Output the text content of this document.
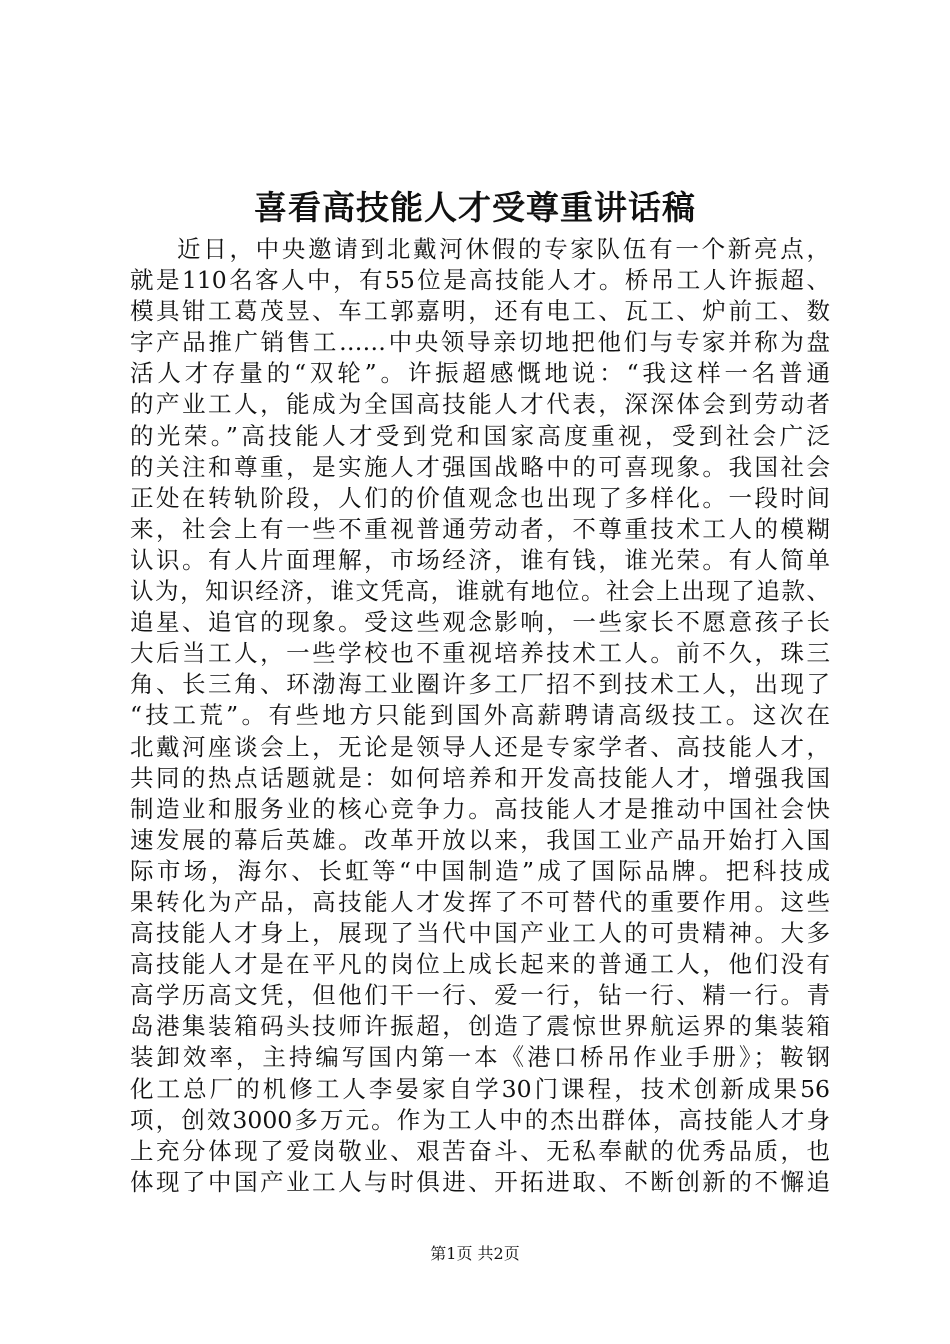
喜看高技能人才受尊重讲话稿
近日，中央邀请到北戴河休假的专家队伍有一个新亮点，
就是110名客人中，有55位是高技能人才。桥吊工人许振超、
模具钳工葛茂昱、车工郭嘉明，还有电工、瓦工、炉前工、数
字产品推广销售工……中央领导亲切地把他们与专家并称为盘
活人才存量的“双轮”。许振超感慨地说：“我这样一名普通
的产业工人，能成为全国高技能人才代表，深深体会到劳动者
的光荣。”高技能人才受到党和国家高度重视，受到社会广泛
的关注和尊重，是实施人才强国战略中的可喜现象。我国社会
正处在转轨阶段，人们的价值观念也出现了多样化。一段时间
来，社会上有一些不重视普通劳动者，不尊重技术工人的模糊
认识。有人片面理解，市场经济，谁有钱，谁光荣。有人简单
认为，知识经济，谁文凭高，谁就有地位。社会上出现了追款、
追星、追官的现象。受这些观念影响，一些家长不愿意孩子长
大后当工人，一些学校也不重视培养技术工人。前不久，珠三
角、长三角、环渤海工业圈许多工厂招不到技术工人，出现了
“技工荒”。有些地方只能到国外高薪聘请高级技工。这次在
北戴河座谈会上，无论是领导人还是专家学者、高技能人才，
共同的热点话题就是：如何培养和开发高技能人才，增强我国
制造业和服务业的核心竞争力。高技能人才是推动中国社会快
速发展的幕后英雄。改革开放以来，我国工业产品开始打入国
际市场，海尔、长虹等“中国制造”成了国际品牌。把科技成
果转化为产品，高技能人才发挥了不可替代的重要作用。这些
高技能人才身上，展现了当代中国产业工人的可贵精神。大多
高技能人才是在平凡的岗位上成长起来的普通工人，他们没有
高学历高文凭，但他们干一行、爱一行，钻一行、精一行。青
岛港集装箱码头技师许振超，创造了震惊世界航运界的集装箱
装卸效率，主持编写国内第一本《港口桥吊作业手册》；鞍钢
化工总厂的机修工人李晏家自学30门课程，技术创新成果56
项，创效3000多万元。作为工人中的杰出群体，高技能人才身
上充分体现了爱岗敬业、艰苦奋斗、无私奉献的优秀品质，也
体现了中国产业工人与时俱进、开拓进取、不断创新的不懈追
第1页 共2页
